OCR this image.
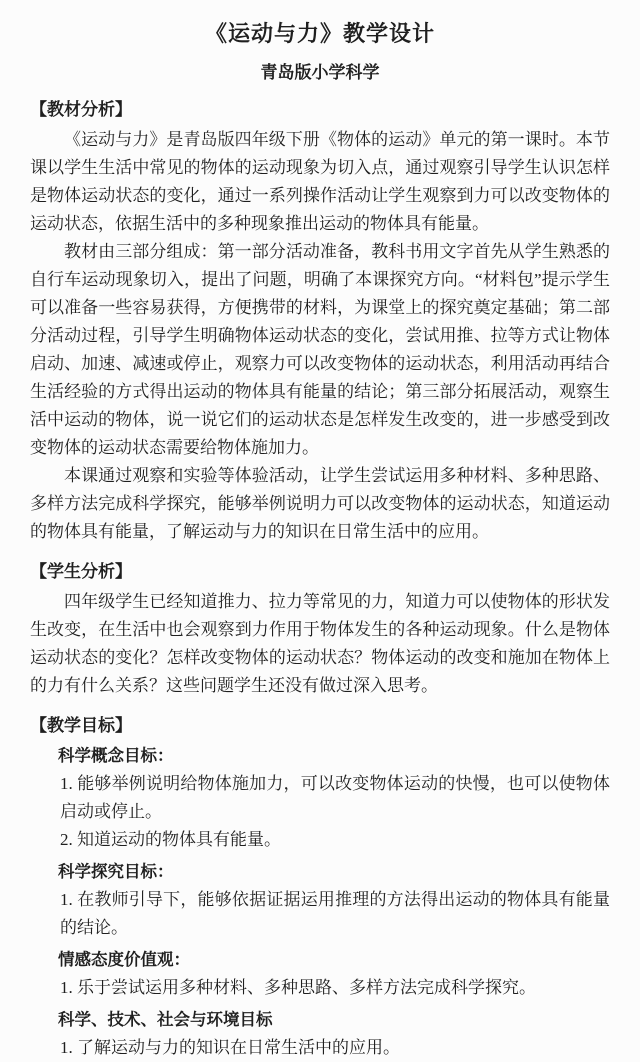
《运动与力》教学设计
青岛版小学科学
【教材分析】

《运动与力》是青岛版四年级下册《物体的运动》单元的第一课时。本节课以学生生活中常见的物体的运动现象为切入点，通过观察引导学生认识怎样是物体运动状态的变化，通过一系列操作活动让学生观察到力可以改变物体的运动状态，依据生活中的多种现象推出运动的物体具有能量。

教材由三部分组成：第一部分活动准备，教科书用文字首先从学生熟悉的自行车运动现象切入，提出了问题，明确了本课探究方向。“材料包”提示学生可以准备一些容易获得，方便携带的材料，为课堂上的探究奠定基础；第二部分活动过程，引导学生明确物体运动状态的变化，尝试用推、拉等方式让物体启动、加速、减速或停止，观察力可以改变物体的运动状态，利用活动再结合生活经验的方式得出运动的物体具有能量的结论；第三部分拓展活动，观察生活中运动的物体，说一说它们的运动状态是怎样发生改变的，进一步感受到改变物体的运动状态需要给物体施加力。

本课通过观察和实验等体验活动，让学生尝试运用多种材料、多种思路、多样方法完成科学探究，能够举例说明力可以改变物体的运动状态，知道运动的物体具有能量，了解运动与力的知识在日常生活中的应用。

【学生分析】

四年级学生已经知道推力、拉力等常见的力，知道力可以使物体的形状发生改变，在生活中也会观察到力作用于物体发生的各种运动现象。什么是物体运动状态的变化？怎样改变物体的运动状态？物体运动的改变和施加在物体上的力有什么关系？这些问题学生还没有做过深入思考。

【教学目标】
科学概念目标：

1. 能够举例说明给物体施加力，可以改变物体运动的快慢，也可以使物体启动或停止。

2. 知道运动的物体具有能量。

科学探究目标：

1. 在教师引导下，能够依据证据运用推理的方法得出运动的物体具有能量的结论。

情感态度价值观：

1. 乐于尝试运用多种材料、多种思路、多样方法完成科学探究。

科学、技术、社会与环境目标

1. 了解运动与力的知识在日常生活中的应用。
